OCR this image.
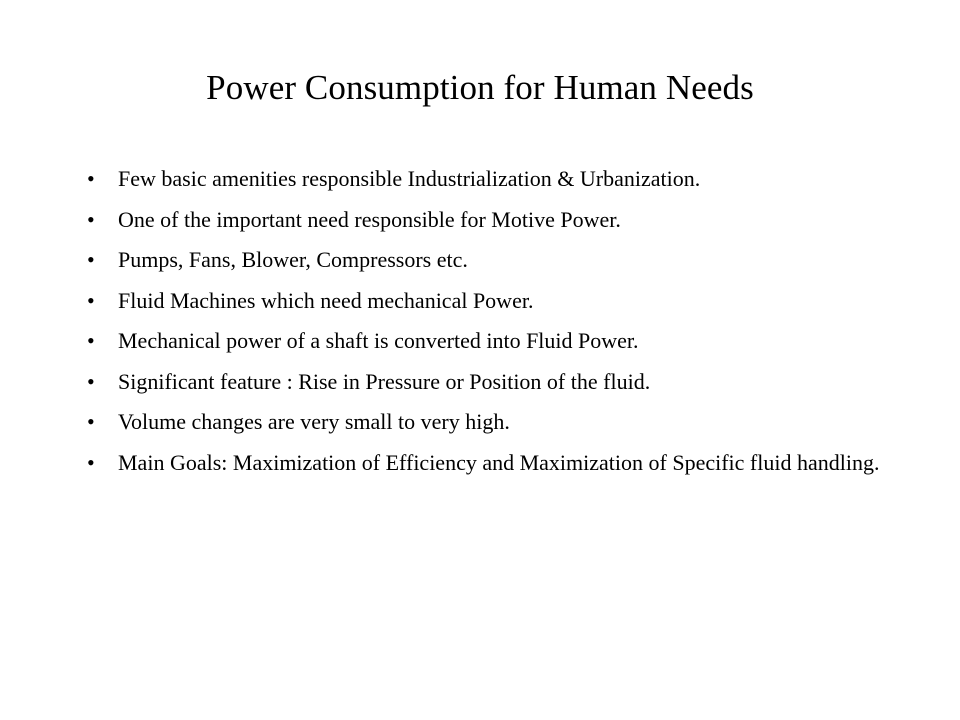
Power Consumption for Human Needs
•	Few basic amenities responsible Industrialization & Urbanization.
•	One of the important need responsible for Motive Power.
•	Pumps, Fans, Blower, Compressors etc.
•	Fluid Machines which need mechanical Power.
•	Mechanical power of a shaft is converted into Fluid Power.
•	Significant feature : Rise in Pressure or Position of the fluid.
•	Volume changes are very small to very high.
•	Main Goals: Maximization of Efficiency and Maximization of Specific fluid handling.
